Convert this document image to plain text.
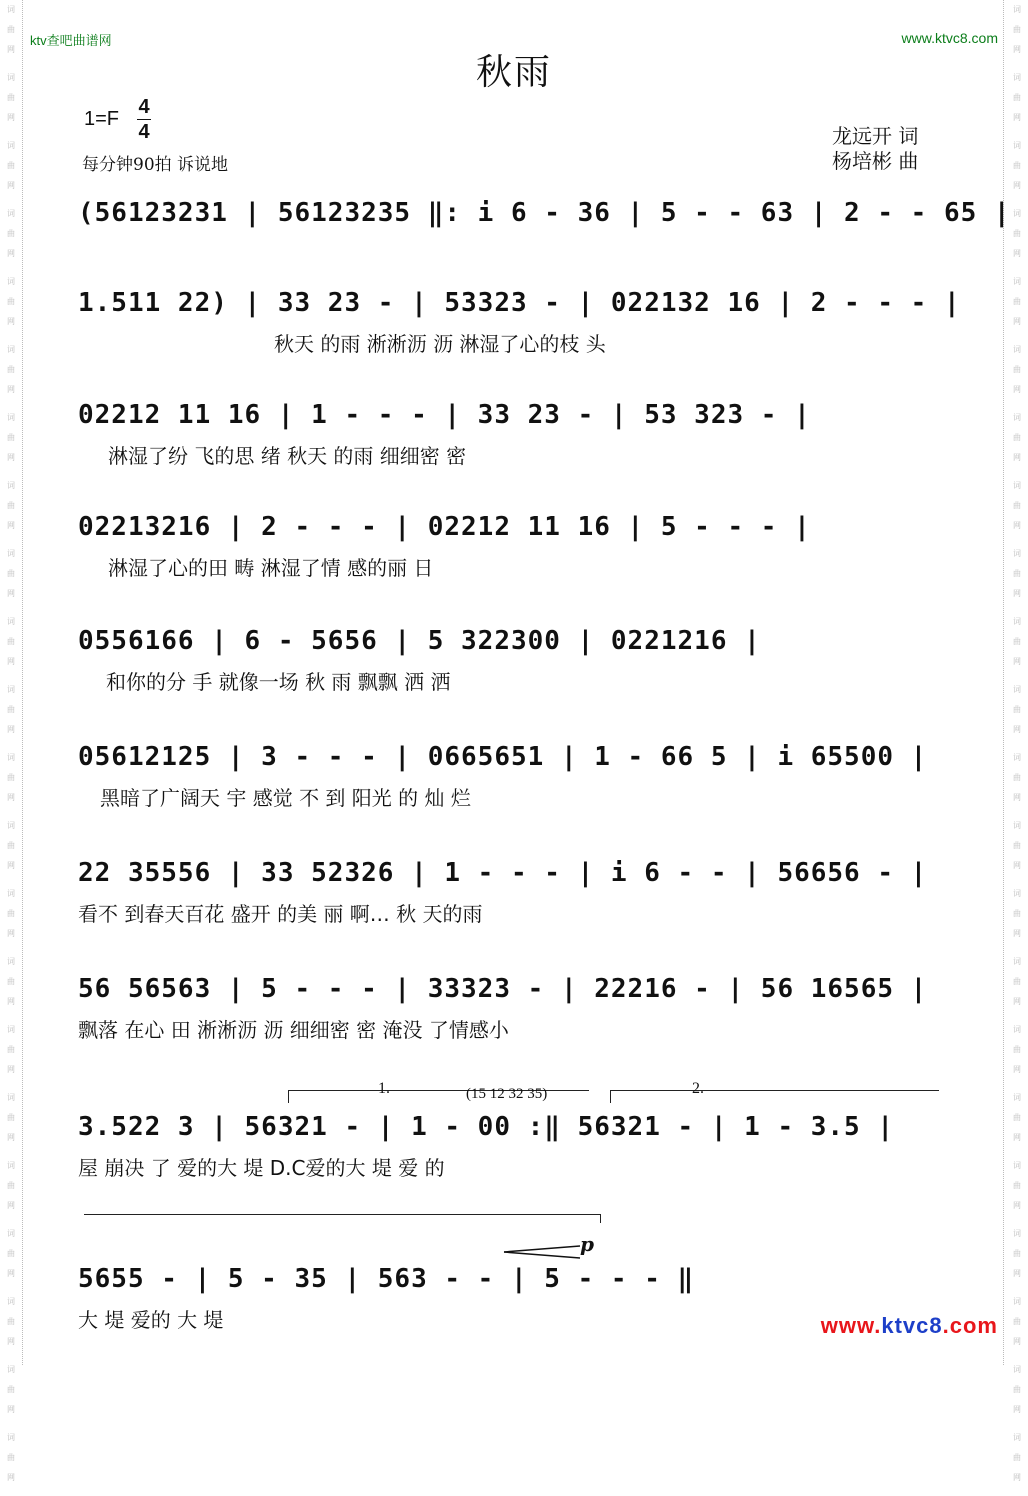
词
曲
网
词
曲
网
词
曲
网
词
曲
网
词
曲
网
词
曲
网
词
曲
网
词
曲
网
词
曲
网
词
曲
网
词
曲
网
词
曲
网
词
曲
网
词
曲
网
词
曲
网
词
曲
网
词
曲
网
词
曲
网
词
曲
网
词
曲
网
词
曲
网
词
曲
网
词
曲
网
词
曲
网
词
曲
网
词
曲
网
词
曲
网
词
曲
网
词
曲
网
词
曲
网
词
曲
网
词
曲
网
词
曲
网
词
曲
网
词
曲
网
词
曲
网
词
曲
网
词
曲
网
词
曲
网
词
曲
网
词
曲
网
词
曲
网
词
曲
网
词
曲
网
ktv查吧曲谱网	www.ktvc8.com
秋雨
1=F
4
4
每分钟90拍 诉说地
龙远开 词
杨培彬 曲
(56123231 | 56123235 ‖: i 6 - 36 | 5 - - 63 | 2 - - 65 |
1.511 22) | 33 23 - | 53323 - | 022132 16 | 2 - - - |
秋天 的雨 淅淅沥 沥 淋湿了心的枝 头
02212 11 16 | 1 - - - | 33 23 - | 53 323 - |
淋湿了纷 飞的思 绪 秋天 的雨 细细密 密
02213216 | 2 - - - | 02212 11 16 | 5 - - - |
淋湿了心的田 畴 淋湿了情 感的丽 日
0556166 | 6 - 5656 | 5 322300 | 0221216 |
和你的分 手 就像一场 秋 雨 飘飘 洒 洒
05612125 | 3 - - - | 0665651 | 1 - 66 5 | i 65500 |
黑暗了广阔天 宇 感觉 不 到 阳光 的 灿 烂
22 35556 | 33 52326 | 1 - - - | i 6 - - | 56656 - |
看不 到春天百花 盛开 的美 丽 啊… 秋 天的雨
56 56563 | 5 - - - | 33323 - | 22216 - | 56 16565 |
飘落 在心 田 淅淅沥 沥 细细密 密 淹没 了情感小
1.	(15 12 32 35)	2.
3.522 3 | 56321 - | 1 - 00 :‖ 56321 - | 1 - 3.5 |
屋 崩决 了 爱的大 堤 D.C爱的大 堤 爱 的
5655 - | 5 - 35 | 563 - - | 5 - - - ‖
大 堤 爱的 大 堤
p
www.ktvc8.com
